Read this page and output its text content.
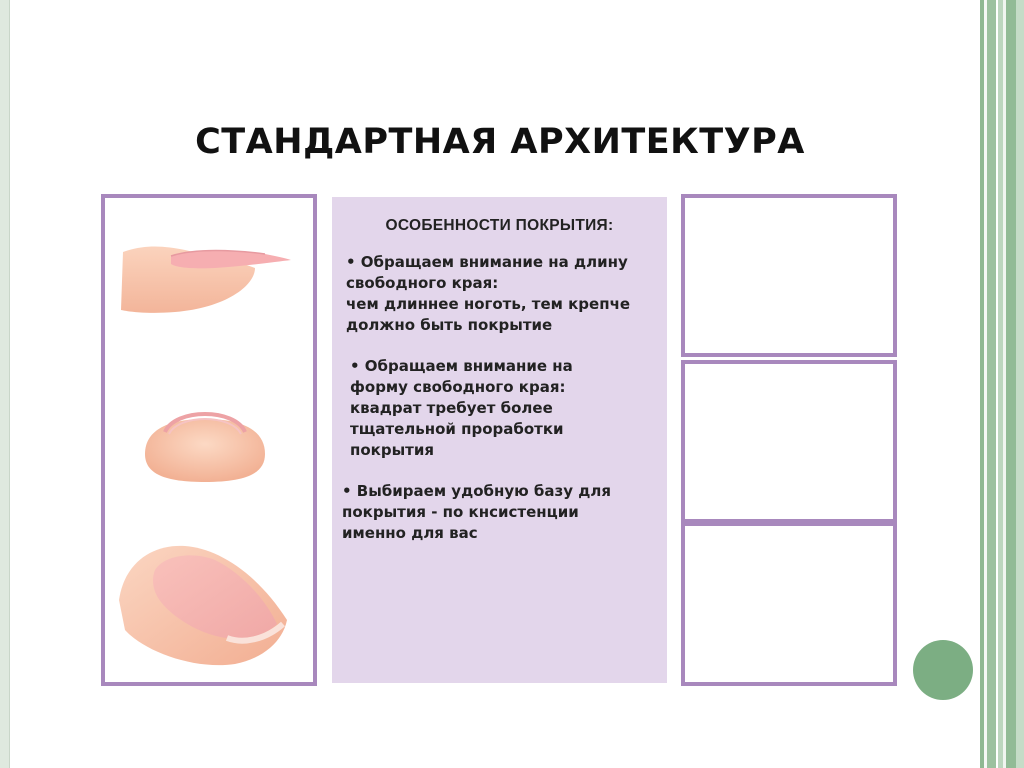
СТАНДАРТНАЯ АРХИТЕКТУРА
ОСОБЕННОСТИ ПОКРЫТИЯ:
• Обращаем внимание на длину
свободного края:
чем длиннее ноготь, тем крепче
должно быть покрытие
• Обращаем внимание на
форму свободного края:
квадрат требует более
тщательной проработки
покрытия
• Выбираем удобную базу для
покрытия - по кнсистенции
именно для вас
